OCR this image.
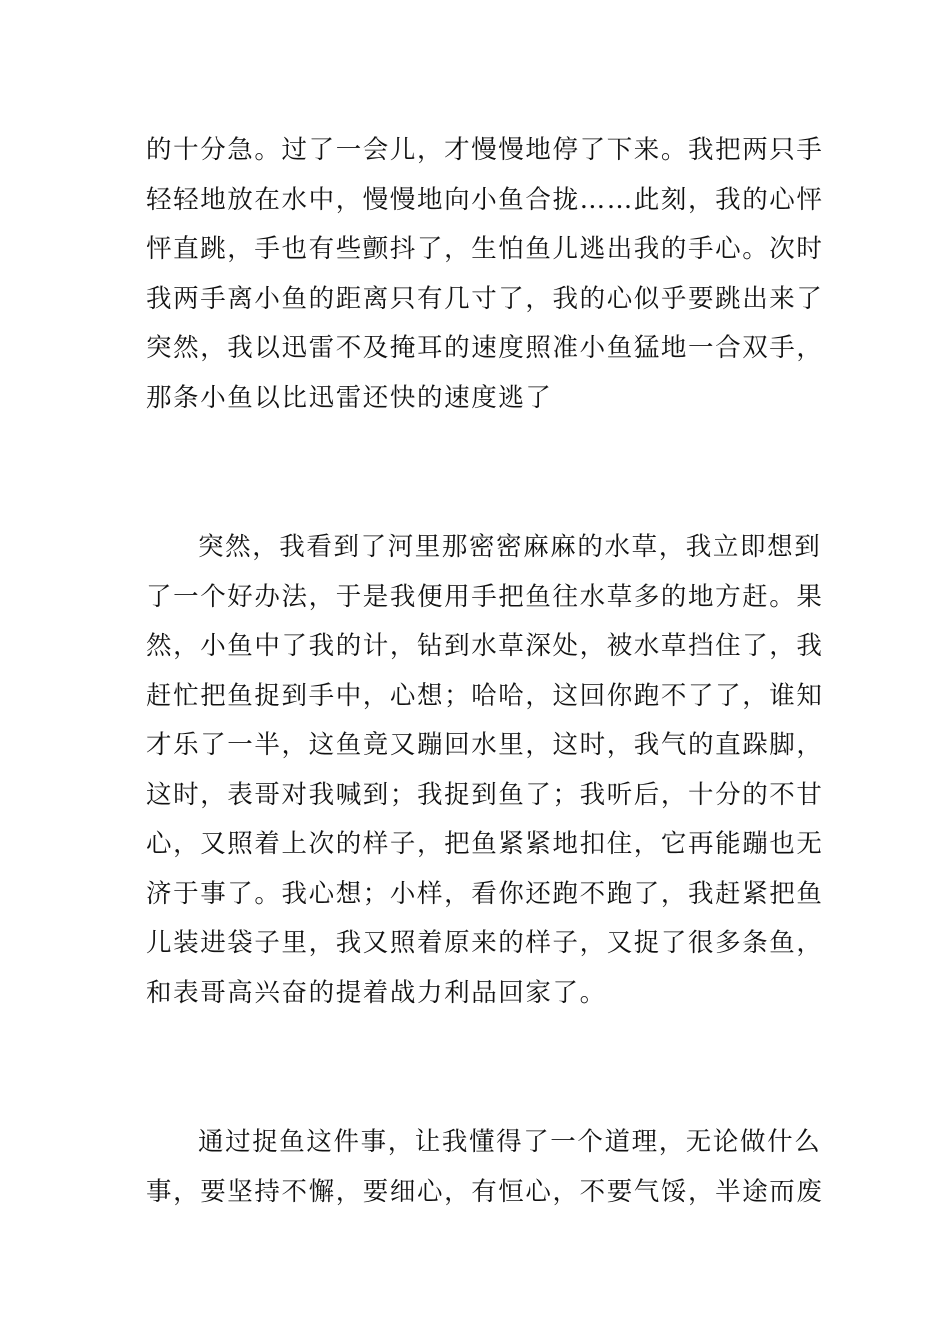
的十分急。过了一会儿，才慢慢地停了下来。我把两只手
轻轻地放在水中，慢慢地向小鱼合拢……此刻，我的心怦
怦直跳，手也有些颤抖了，生怕鱼儿逃出我的手心。次时
我两手离小鱼的距离只有几寸了，我的心似乎要跳出来了
突然，我以迅雷不及掩耳的速度照准小鱼猛地一合双手，
那条小鱼以比迅雷还快的速度逃了
突然，我看到了河里那密密麻麻的水草，我立即想到
了一个好办法，于是我便用手把鱼往水草多的地方赶。果
然，小鱼中了我的计，钻到水草深处，被水草挡住了，我
赶忙把鱼捉到手中，心想；哈哈，这回你跑不了了，谁知
才乐了一半，这鱼竟又蹦回水里，这时，我气的直跺脚，
这时，表哥对我喊到；我捉到鱼了；我听后，十分的不甘
心，又照着上次的样子，把鱼紧紧地扣住，它再能蹦也无
济于事了。我心想；小样，看你还跑不跑了，我赶紧把鱼
儿装进袋子里，我又照着原来的样子，又捉了很多条鱼，
和表哥高兴奋的提着战力利品回家了。
通过捉鱼这件事，让我懂得了一个道理，无论做什么
事，要坚持不懈，要细心，有恒心，不要气馁，半途而废
